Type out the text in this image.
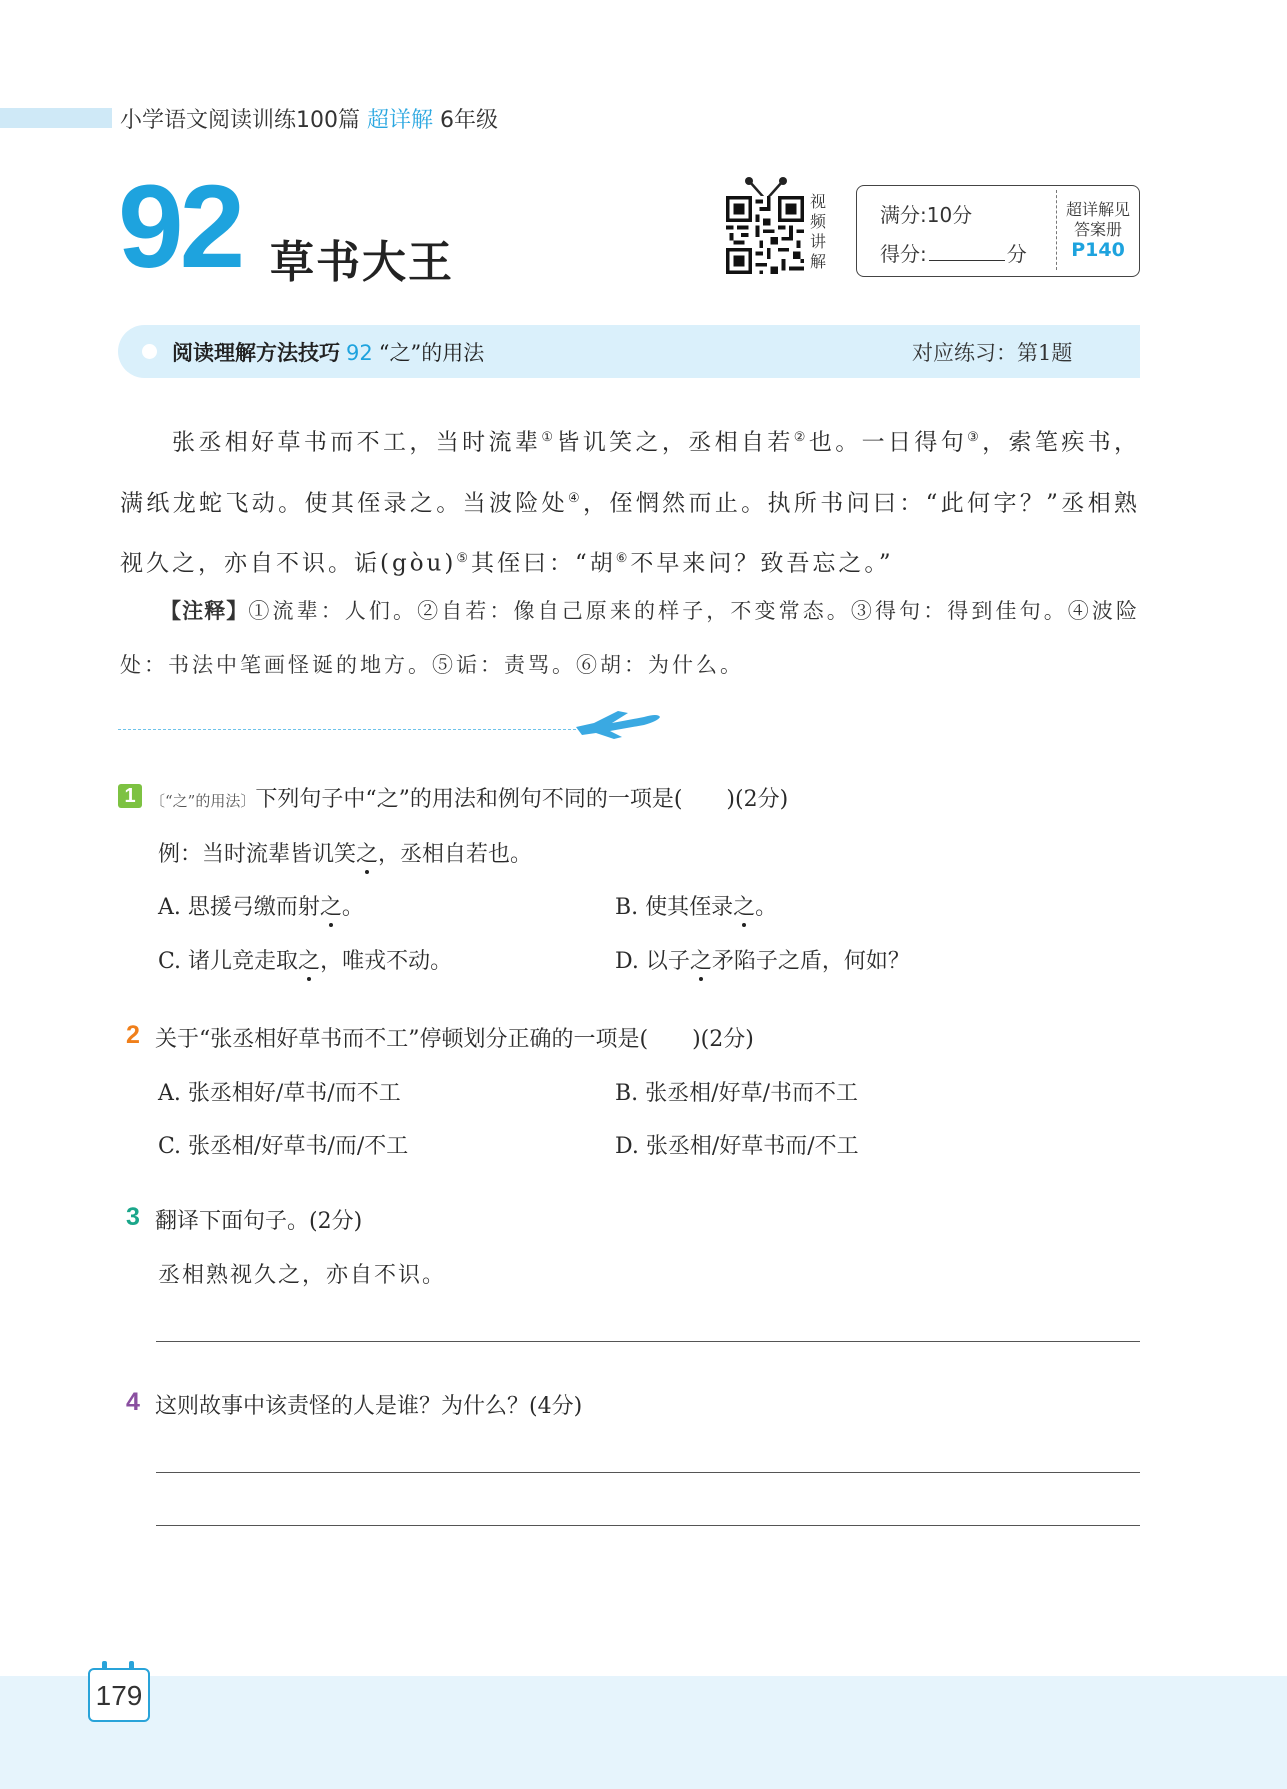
小学语文阅读训练100篇 超详解 6年级
92 草书大王
视
频
讲
解
满分:10分
得分:	分
超详解见
答案册
P140
阅读理解方法技巧 92 “之”的用法	对应练习：第1题
张丞相好草书而不工，当时流辈①皆讥笑之，丞相自若②也。一日得句③，索笔疾书，满纸龙蛇飞动。使其侄录之。当波险处④，侄惘然而止。执所书问曰：“此何字？”丞相熟视久之，亦自不识。诟(gòu)⑤其侄曰：“胡⑥不早来问？致吾忘之。”
【注释】①流辈：人们。②自若：像自己原来的样子，不变常态。③得句：得到佳句。④波险处：书法中笔画怪诞的地方。⑤诟：责骂。⑥胡：为什么。
1 〔“之”的用法〕下列句子中“之”的用法和例句不同的一项是(　　)(2分)
例：当时流辈皆讥笑之，丞相自若也。
A. 思援弓缴而射之。	B. 使其侄录之。
C. 诸儿竞走取之，唯戎不动。	D. 以子之矛陷子之盾，何如？
2 关于“张丞相好草书而不工”停顿划分正确的一项是(　　)(2分)
A. 张丞相好/草书/而不工	B. 张丞相/好草/书而不工
C. 张丞相/好草书/而/不工	D. 张丞相/好草书而/不工
3 翻译下面句子。(2分)
丞相熟视久之，亦自不识。
4 这则故事中该责怪的人是谁？为什么？(4分)
179
